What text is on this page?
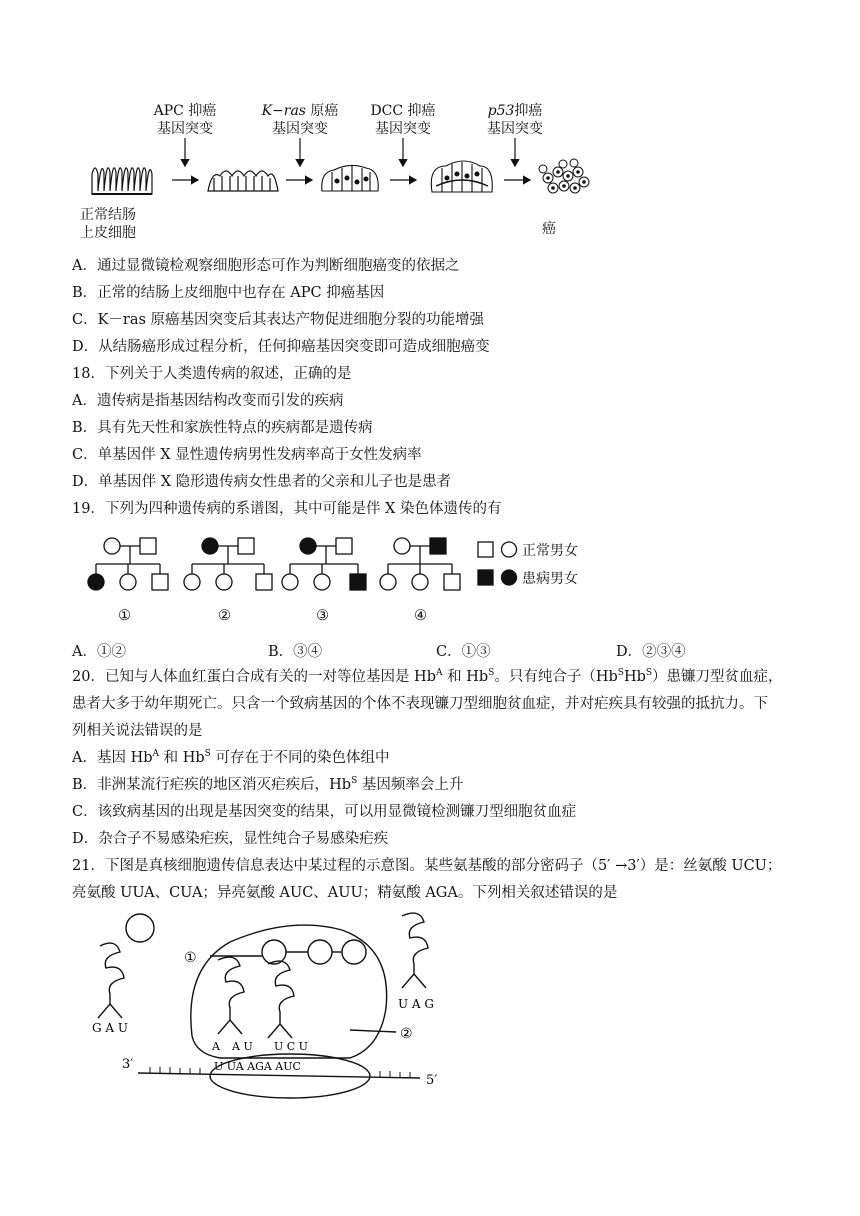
APC 抑癌
基因突变
K−ras 原癌
基因突变
DCC 抑癌
基因突变
p53抑癌
基因突变
正常结肠
上皮细胞	癌
A．通过显微镜检观察细胞形态可作为判断细胞癌变的依据之
B．正常的结肠上皮细胞中也存在 APC 抑癌基因
C．K－ras 原癌基因突变后其表达产物促进细胞分裂的功能增强
D．从结肠癌形成过程分析，任何抑癌基因突变即可造成细胞癌变
18．下列关于人类遗传病的叙述，正确的是
A．遗传病是指基因结构改变而引发的疾病
B．具有先天性和家族性特点的疾病都是遗传病
C．单基因伴 X 显性遗传病男性发病率高于女性发病率
D．单基因伴 X 隐形遗传病女性患者的父亲和儿子也是患者
19．下列为四种遗传病的系谱图，其中可能是伴 X 染色体遗传的有
正常男女
患病男女
①	②	③	④
A．①②	B．③④	C．①③	D．②③④
20．已知与人体血红蛋白合成有关的一对等位基因是 $Hb^A$ 和 $Hb^S$。只有纯合子$(Hb^SHb^S)$患镰刀型贫血症，
患者大多于幼年期死亡。只含一个致病基因的个体不表现镰刀型细胞贫血症，并对疟疾具有较强的抵抗力。下
列相关说法错误的是
A．基因 $Hb^A$ 和 $Hb^S$ 可存在于不同的染色体组中
B．非洲某流行疟疾的地区消灭疟疾后，$Hb^S$ 基因频率会上升
C．该致病基因的出现是基因突变的结果，可以用显微镜检测镰刀型细胞贫血症
D．杂合子不易感染疟疾，显性纯合子易感染疟疾
21．下图是真核细胞遗传信息表达中某过程的示意图。某些氨基酸的部分密码子（5′ →3′）是：丝氨酸 UCU；
亮氨酸 UUA、CUA；异亮氨酸 AUC、AUU；精氨酸 AGA。下列相关叙述错误的是
①
②
G A U
U A G
A A U U C U
U UA AGA AUC
3′
5′
